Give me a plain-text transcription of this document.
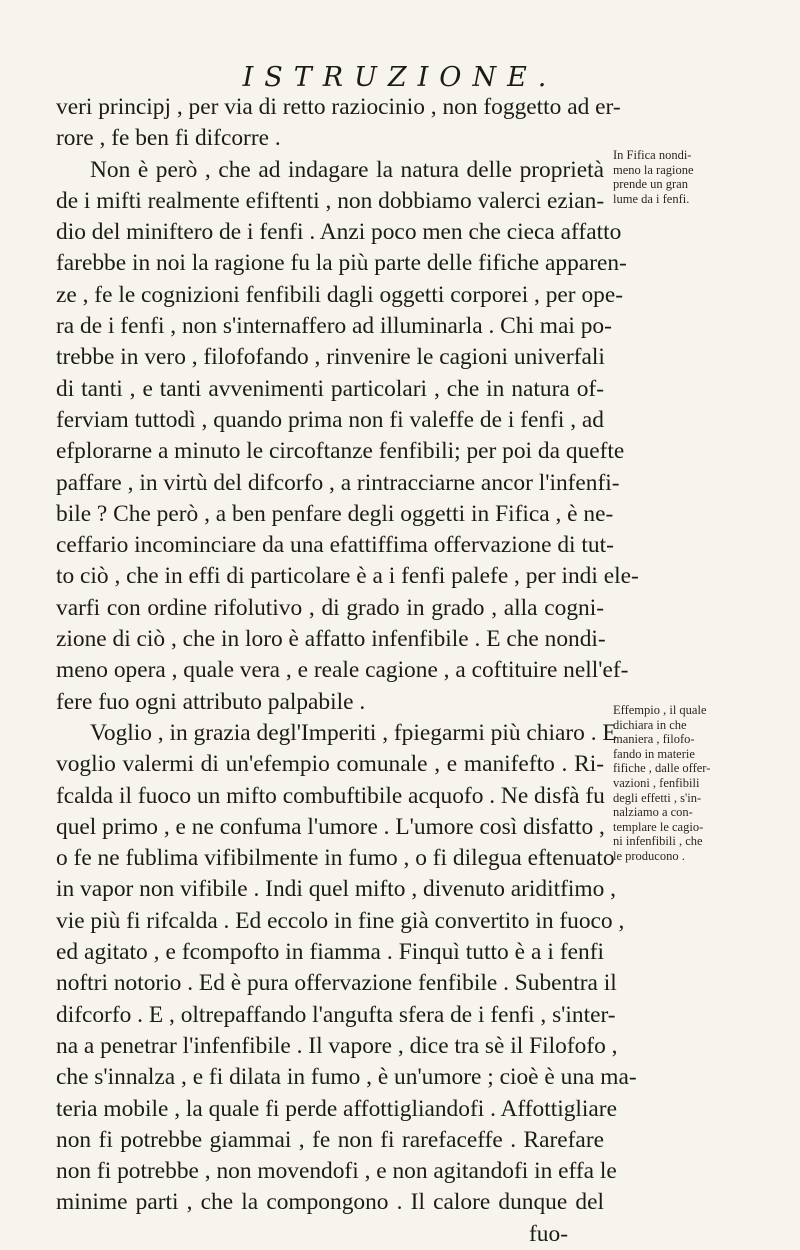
ISTRUZIONE.
veri principj , per via di retto raziocinio , non foggetto ad er-
rore , fe ben fi difcorre .
Non è però , che ad indagare la natura delle proprietà
de i mifti realmente efiftenti , non dobbiamo valerci ezian-
dio del miniftero de i fenfi . Anzi poco men che cieca affatto
farebbe in noi la ragione fu la più parte delle fifiche apparen-
ze , fe le cognizioni fenfibili dagli oggetti corporei , per ope-
ra de i fenfi , non s'internaffero ad illuminarla . Chi mai po-
trebbe in vero , filofofando , rinvenire le cagioni univerfali
di tanti , e tanti avvenimenti particolari , che in natura of-
ferviam tuttodì , quando prima non fi valeffe de i fenfi , ad
efplorarne a minuto le circoftanze fenfibili; per poi da quefte
paffare , in virtù del difcorfo , a rintracciarne ancor l'infenfi-
bile ? Che però , a ben penfare degli oggetti in Fifica , è ne-
ceffario incominciare da una efattiffima offervazione di tut-
to ciò , che in effi di particolare è a i fenfi palefe , per indi ele-
varfi con ordine rifolutivo , di grado in grado , alla cogni-
zione di ciò , che in loro è affatto infenfibile . E che nondi-
meno opera , quale vera , e reale cagione , a coftituire nell'ef-
fere fuo ogni attributo palpabile .
Voglio , in grazia degl'Imperiti , fpiegarmi più chiaro . E
voglio valermi di un'efempio comunale , e manifefto . Ri-
fcalda il fuoco un mifto combuftibile acquofo . Ne disfà fu
quel primo , e ne confuma l'umore . L'umore così disfatto ,
o fe ne fublima vifibilmente in fumo , o fi dilegua eftenuato
in vapor non vifibile . Indi quel mifto , divenuto ariditfimo ,
vie più fi rifcalda . Ed eccolo in fine già convertito in fuoco ,
ed agitato , e fcompofto in fiamma . Finquì tutto è a i fenfi
noftri notorio . Ed è pura offervazione fenfibile . Subentra il
difcorfo . E , oltrepaffando l'angufta sfera de i fenfi , s'inter-
na a penetrar l'infenfibile . Il vapore , dice tra sè il Filofofo ,
che s'innalza , e fi dilata in fumo , è un'umore ; cioè è una ma-
teria mobile , la quale fi perde affottigliandofi . Affottigliare
non fi potrebbe giammai , fe non fi rarefaceffe . Rarefare
non fi potrebbe , non movendofi , e non agitandofi in effa le
minime parti , che la compongono . Il calore dunque del
fuo-
In Fifica nondi-
meno la ragione
prende un gran
lume da i fenfi.
Effempio , il quale
dichiara in che
maniera , filofo-
fando in materie
fifiche , dalle offer-
vazioni , fenfibili
degli effetti , s'in-
nalziamo a con-
templare le cagio-
ni infenfibili , che
le producono .
